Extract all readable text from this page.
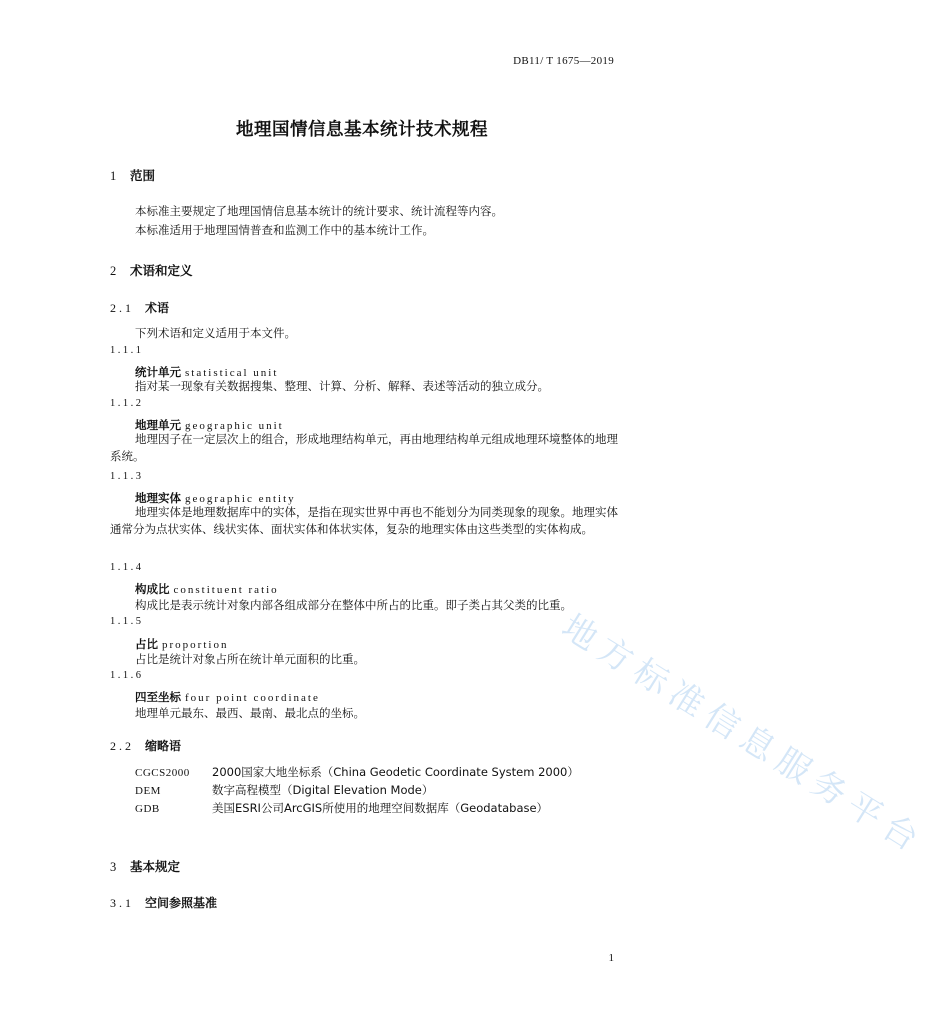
DB11/ T 1675—2019
地理国情信息基本统计技术规程
1 范围
本标准主要规定了地理国情信息基本统计的统计要求、统计流程等内容。
本标准适用于地理国情普查和监测工作中的基本统计工作。
2 术语和定义
2.1 术语
下列术语和定义适用于本文件。
1.1.1
统计单元 statistical unit
指对某一现象有关数据搜集、整理、计算、分析、解释、表述等活动的独立成分。
1.1.2
地理单元 geographic unit
地理因子在一定层次上的组合，形成地理结构单元，再由地理结构单元组成地理环境整体的地理系统。
1.1.3
地理实体 geographic entity
地理实体是地理数据库中的实体，是指在现实世界中再也不能划分为同类现象的现象。地理实体通常分为点状实体、线状实体、面状实体和体状实体，复杂的地理实体由这些类型的实体构成。
1.1.4
构成比 constituent ratio
构成比是表示统计对象内部各组成部分在整体中所占的比重。即子类占其父类的比重。
1.1.5
占比 proportion
占比是统计对象占所在统计单元面积的比重。
1.1.6
四至坐标 four point coordinate
地理单元最东、最西、最南、最北点的坐标。
2.2 缩略语
CGCS2000 2000国家大地坐标系（China Geodetic Coordinate System 2000）
DEM	数字高程模型（Digital Elevation Mode）
GDB	美国ESRI公司ArcGIS所使用的地理空间数据库（Geodatabase）
3 基本规定
3.1 空间参照基准
地方标准信息服务平台
1
